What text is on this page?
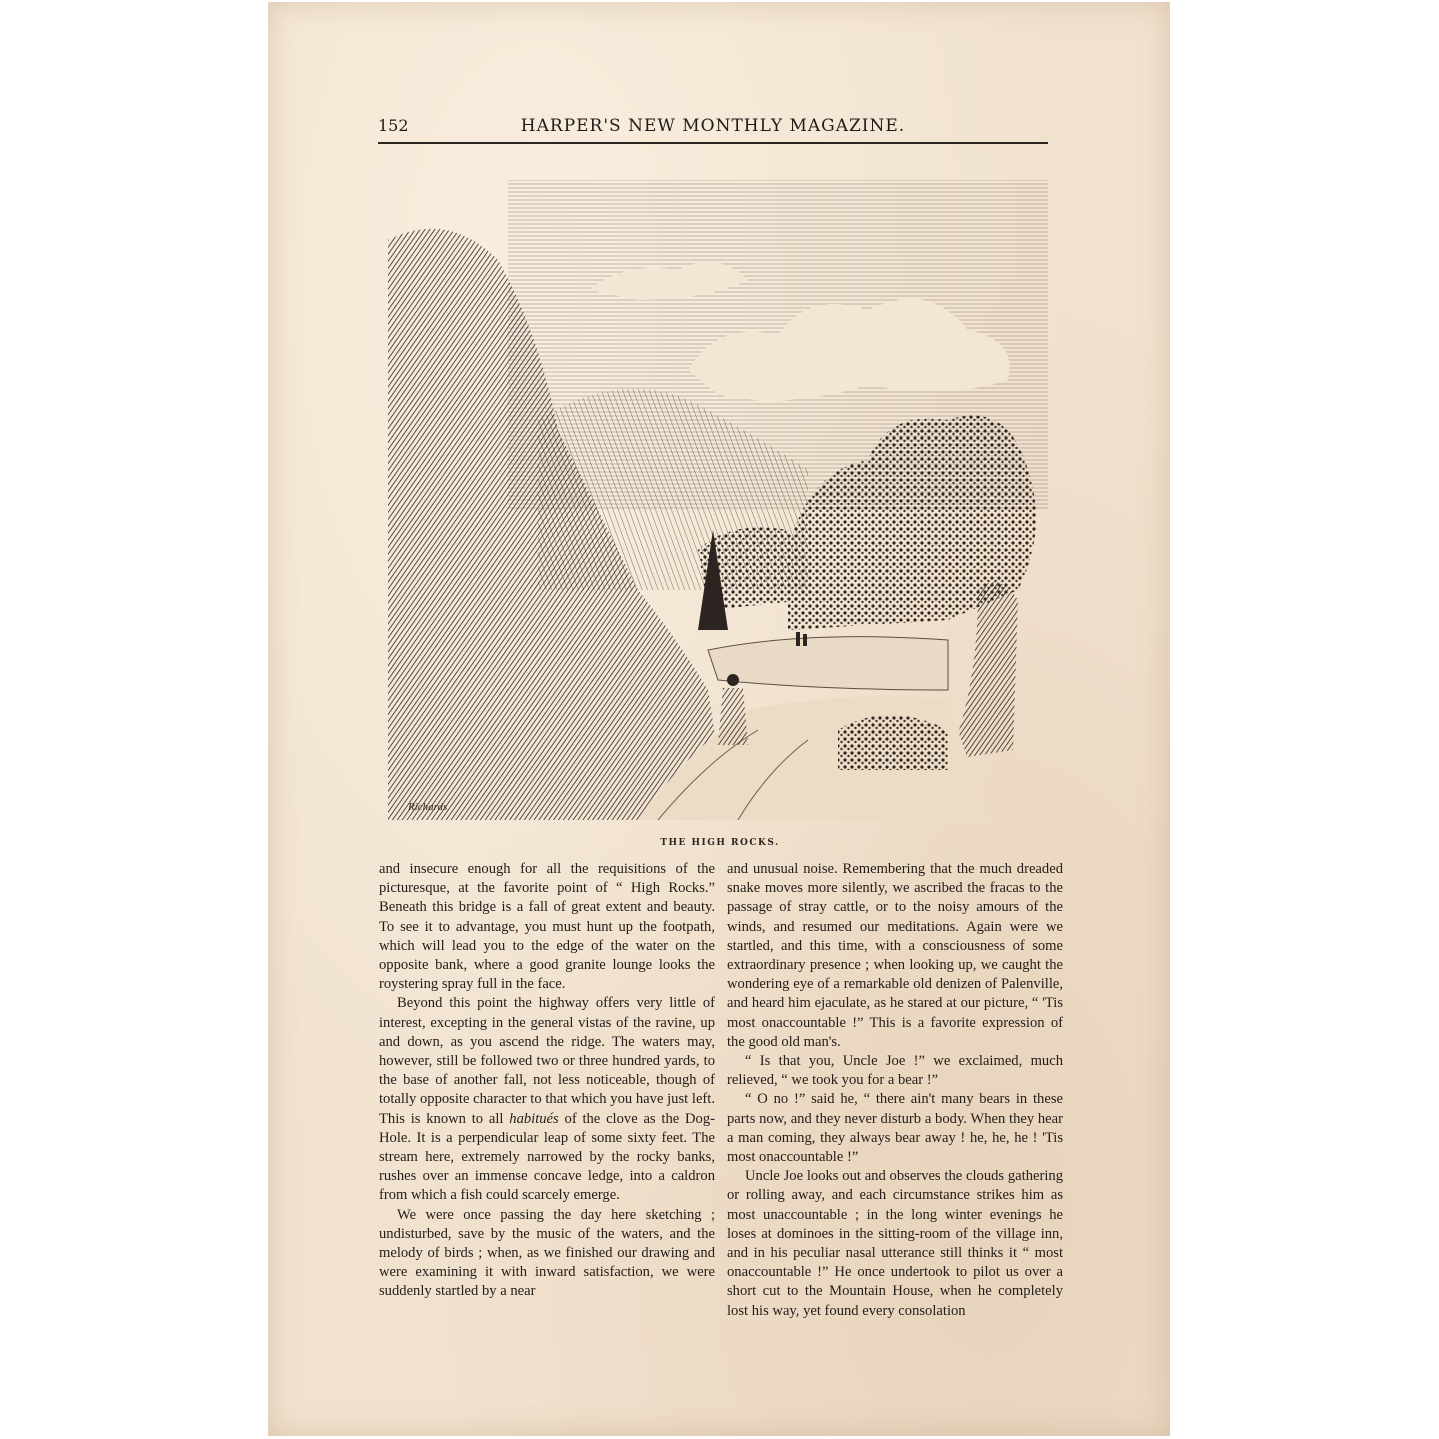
152	HARPER'S NEW MONTHLY MAGAZINE.
Richards
THE HIGH ROCKS.

and insecure enough for all the requisitions of the picturesque, at the favorite point of “ High Rocks.” Beneath this bridge is a fall of great extent and beauty. To see it to advantage, you must hunt up the footpath, which will lead you to the edge of the water on the opposite bank, where a good granite lounge looks the roystering spray full in the face.

Beyond this point the highway offers very little of interest, excepting in the general vistas of the ravine, up and down, as you ascend the ridge. The waters may, however, still be followed two or three hundred yards, to the base of another fall, not less noticeable, though of totally opposite character to that which you have just left. This is known to all habitués of the clove as the Dog-Hole. It is a perpendicular leap of some sixty feet. The stream here, extremely narrowed by the rocky banks, rushes over an immense concave ledge, into a caldron from which a fish could scarcely emerge.

We were once passing the day here sketching ; undisturbed, save by the music of the waters, and the melody of birds ; when, as we finished our drawing and were examining it with inward satisfaction, we were suddenly startled by a near

and unusual noise. Remembering that the much dreaded snake moves more silently, we ascribed the fracas to the passage of stray cattle, or to the noisy amours of the winds, and resumed our meditations. Again were we startled, and this time, with a consciousness of some extraordinary presence ; when looking up, we caught the wondering eye of a remarkable old denizen of Palenville, and heard him ejaculate, as he stared at our picture, “ 'Tis most onaccountable !” This is a favorite expression of the good old man's.

“ Is that you, Uncle Joe !” we exclaimed, much relieved, “ we took you for a bear !”

“ O no !” said he, “ there ain't many bears in these parts now, and they never disturb a body. When they hear a man coming, they always bear away ! he, he, he ! 'Tis most onaccountable !”

Uncle Joe looks out and observes the clouds gathering or rolling away, and each circumstance strikes him as most unaccountable ; in the long winter evenings he loses at dominoes in the sitting-room of the village inn, and in his peculiar nasal utterance still thinks it “ most onaccountable !” He once undertook to pilot us over a short cut to the Mountain House, when he completely lost his way, yet found every consolation
